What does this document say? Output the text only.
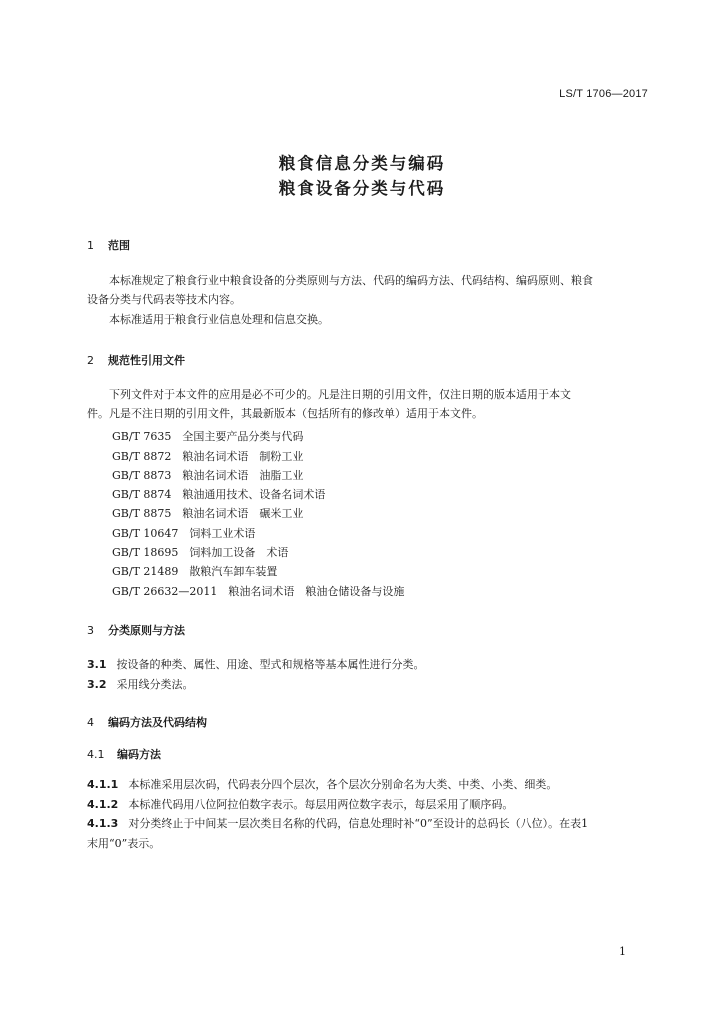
LS/T 1706—2017
粮食信息分类与编码
粮食设备分类与代码
1 范围
本标准规定了粮食行业中粮食设备的分类原则与方法、代码的编码方法、代码结构、编码原则、粮食
设备分类与代码表等技术内容。
本标准适用于粮食行业信息处理和信息交换。
2 规范性引用文件
下列文件对于本文件的应用是必不可少的。凡是注日期的引用文件，仅注日期的版本适用于本文
件。凡是不注日期的引用文件，其最新版本（包括所有的修改单）适用于本文件。
GB/T 7635　全国主要产品分类与代码
GB/T 8872　粮油名词术语　制粉工业
GB/T 8873　粮油名词术语　油脂工业
GB/T 8874　粮油通用技术、设备名词术语
GB/T 8875　粮油名词术语　碾米工业
GB/T 10647　饲料工业术语
GB/T 18695　饲料加工设备　术语
GB/T 21489　散粮汽车卸车装置
GB/T 26632—2011　粮油名词术语　粮油仓储设备与设施
3 分类原则与方法
3.1 按设备的种类、属性、用途、型式和规格等基本属性进行分类。
3.2 采用线分类法。
4 编码方法及代码结构
4.1 编码方法
4.1.1 本标准采用层次码，代码表分四个层次，各个层次分别命名为大类、中类、小类、细类。
4.1.2 本标准代码用八位阿拉伯数字表示。每层用两位数字表示，每层采用了顺序码。
4.1.3 对分类终止于中间某一层次类目名称的代码，信息处理时补“0”至设计的总码长（八位）。在表1
末用“0”表示。
1
